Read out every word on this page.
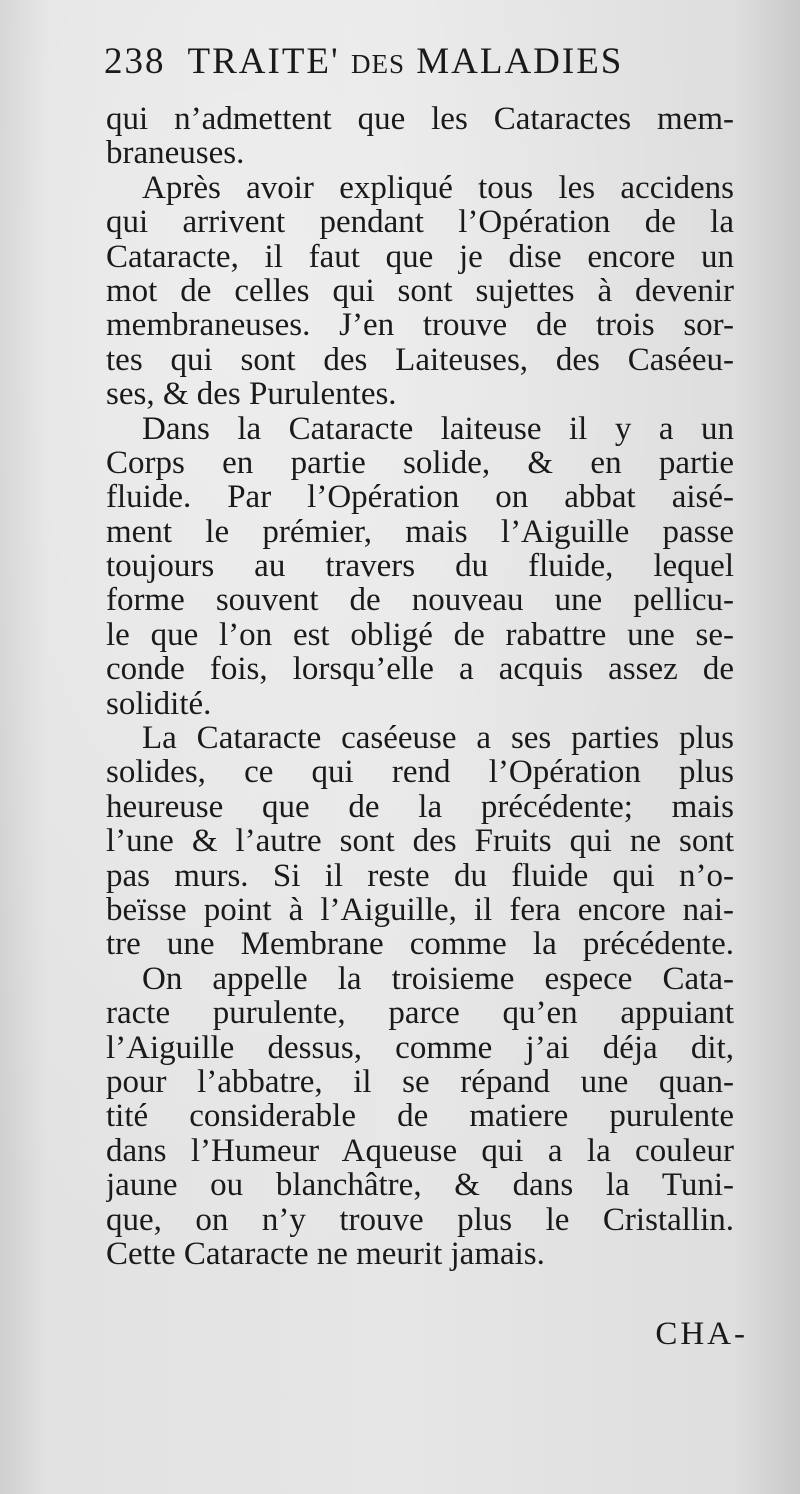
238 TRAITE' DES MALADIES
qui n’admettent que les Cataractes mem-
braneuses.
Après avoir expliqué tous les accidens
qui arrivent pendant l’Opération de la
Cataracte, il faut que je dise encore un
mot de celles qui sont sujettes à devenir
membraneuses. J’en trouve de trois sor-
tes qui sont des Laiteuses, des Caséeu-
ses, & des Purulentes.
Dans la Cataracte laiteuse il y a un
Corps en partie solide, & en partie
fluide. Par l’Opération on abbat aisé-
ment le prémier, mais l’Aiguille passe
toujours au travers du fluide, lequel
forme souvent de nouveau une pellicu-
le que l’on est obligé de rabattre une se-
conde fois, lorsqu’elle a acquis assez de
solidité.
La Cataracte caséeuse a ses parties plus
solides, ce qui rend l’Opération plus
heureuse que de la précédente; mais
l’une & l’autre sont des Fruits qui ne sont
pas murs. Si il reste du fluide qui n’o-
beïsse point à l’Aiguille, il fera encore nai-
tre une Membrane comme la précédente.
On appelle la troisieme espece Cata-
racte purulente, parce qu’en appuiant
l’Aiguille dessus, comme j’ai déja dit,
pour l’abbatre, il se répand une quan-
tité considerable de matiere purulente
dans l’Humeur Aqueuse qui a la couleur
jaune ou blanchâtre, & dans la Tuni-
que, on n’y trouve plus le Cristallin.
Cette Cataracte ne meurit jamais.
CHA-
